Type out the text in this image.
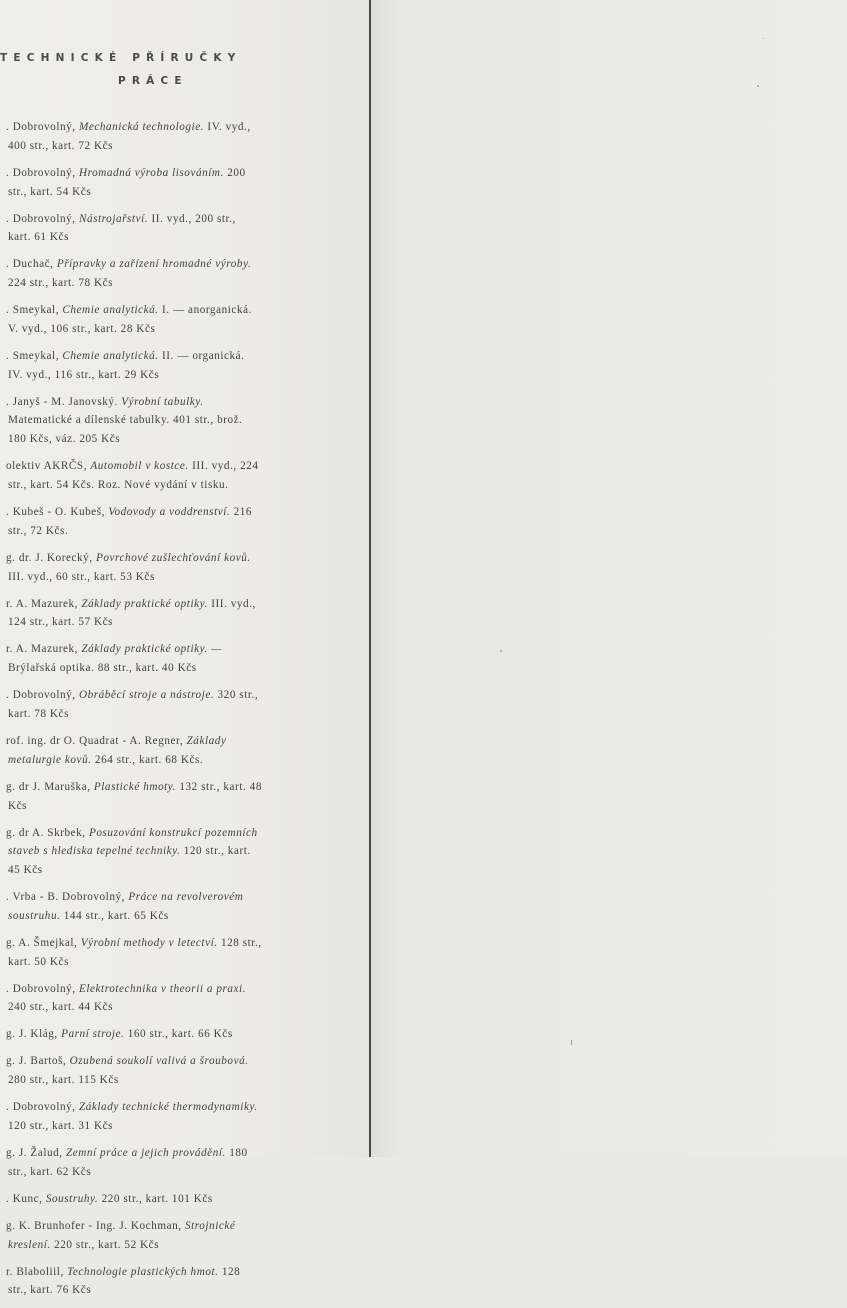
TECHNICKÉ PŘÍRUČKY
PRÁCE
. Dobrovolný, Mechanická technologie. IV. vyd., 400 str., kart. 72 Kčs
. Dobrovolný, Hromadná výroba lisováním. 200 str., kart. 54 Kčs
. Dobrovolný, Nástrojařství. II. vyd., 200 str., kart. 61 Kčs
. Duchač, Přípravky a zařízení hromadné výroby. 224 str., kart. 78 Kčs
. Smeykal, Chemie analytická. I. — anorganická. V. vyd., 106 str., kart. 28 Kčs
. Smeykal, Chemie analytická. II. — organická. IV. vyd., 116 str., kart. 29 Kčs
. Janyš - M. Janovský. Výrobní tabulky. Matematické a dílenské tabulky. 401 str., brož. 180 Kčs, váz. 205 Kčs
olektiv AKRČS, Automobil v kostce. III. vyd., 224 str., kart. 54 Kčs. Roz. Nové vydání v tisku.
. Kubeš - O. Kubeš, Vodovody a voddrenství. 216 str., 72 Kčs.
g. dr. J. Korecký, Povrchové zušlechťování kovů. III. vyd., 60 str., kart. 53 Kčs
r. A. Mazurek, Základy praktické optiky. III. vyd., 124 str., kart. 57 Kčs
r. A. Mazurek, Základy praktické optiky. — Brýlařská optika. 88 str., kart. 40 Kčs
. Dobrovolný, Obráběcí stroje a nástroje. 320 str., kart. 78 Kčs
rof. ing. dr O. Quadrat - A. Regner, Základy metalurgie kovů. 264 str., kart. 68 Kčs.
g. dr J. Maruška, Plastické hmoty. 132 str., kart. 48 Kčs
g. dr A. Skrbek, Posuzování konstrukcí pozemních staveb s hlediska tepelné techniky. 120 str., kart. 45 Kčs
. Vrba - B. Dobrovolný, Práce na revolverovém soustruhu. 144 str., kart. 65 Kčs
g. A. Šmejkal, Výrobní methody v letectví. 128 str., kart. 50 Kčs
. Dobrovolný, Elektrotechnika v theorii a praxi. 240 str., kart. 44 Kčs
g. J. Klág, Parní stroje. 160 str., kart. 66 Kčs
g. J. Bartoš, Ozubená soukolí valivá a šroubová. 280 str., kart. 115 Kčs
. Dobrovolný, Základy technické thermodynamiky. 120 str., kart. 31 Kčs
g. J. Žalud, Zemní práce a jejich provádění. 180 str., kart. 62 Kčs
. Kunc, Soustruhy. 220 str., kart. 101 Kčs
g. K. Brunhofer - Ing. J. Kochman, Strojnické kreslení. 220 str., kart. 52 Kčs
r. Blaboliil, Technologie plastických hmot. 128 str., kart. 76 Kčs
